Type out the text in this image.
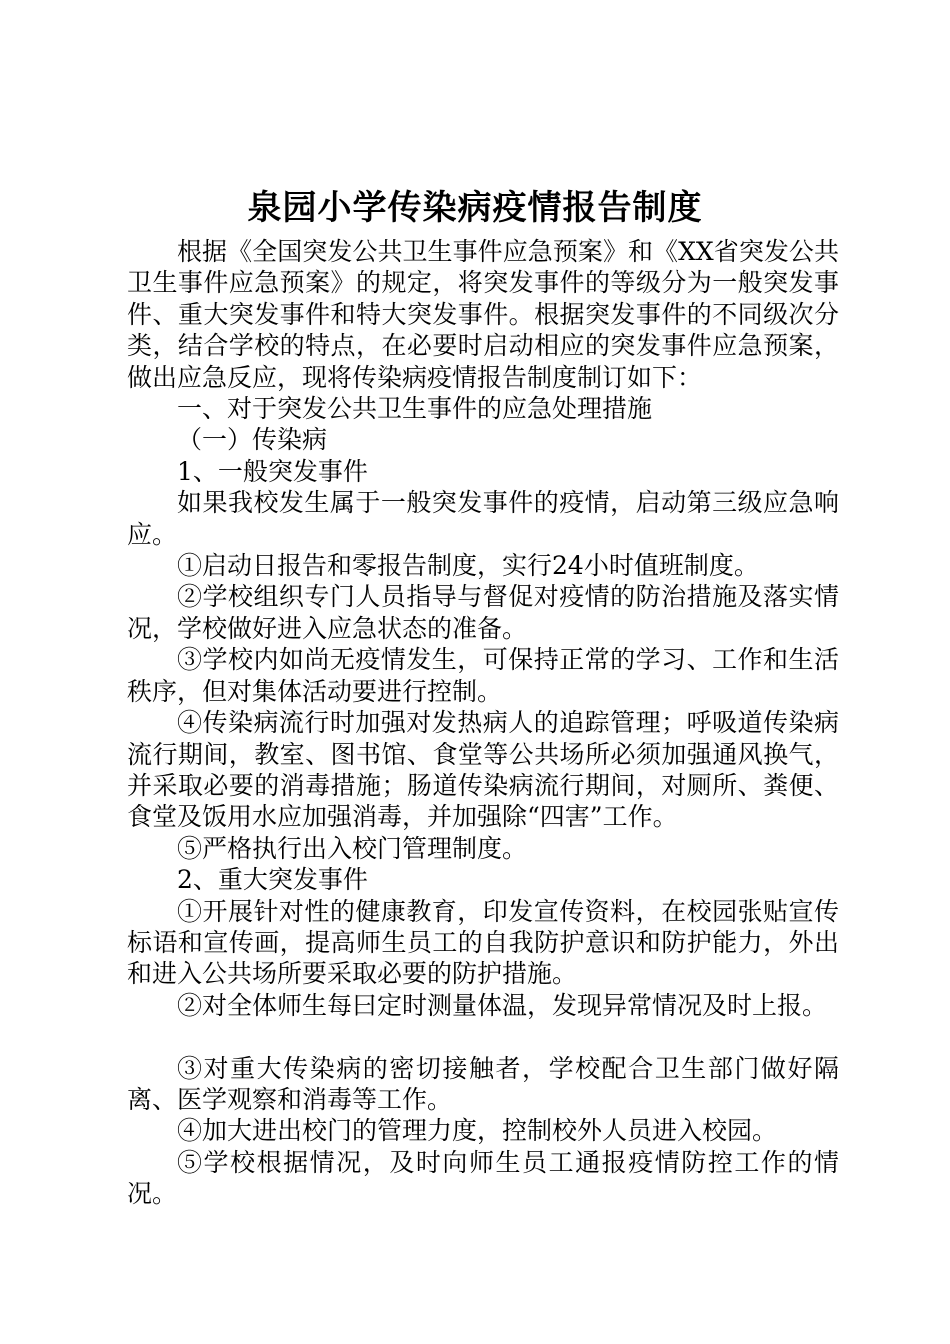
泉园小学传染病疫情报告制度

根据《全国突发公共卫生事件应急预案》和《XX省突发公共卫生事件应急预案》的规定，将突发事件的等级分为一般突发事件、重大突发事件和特大突发事件。根据突发事件的不同级次分类，结合学校的特点，在必要时启动相应的突发事件应急预案，做出应急反应，现将传染病疫情报告制度制订如下：

一、对于突发公共卫生事件的应急处理措施

（一）传染病

1、一般突发事件

如果我校发生属于一般突发事件的疫情，启动第三级应急响应。

①启动日报告和零报告制度，实行24小时值班制度。

②学校组织专门人员指导与督促对疫情的防治措施及落实情况，学校做好进入应急状态的准备。

③学校内如尚无疫情发生，可保持正常的学习、工作和生活秩序，但对集体活动要进行控制。

④传染病流行时加强对发热病人的追踪管理；呼吸道传染病流行期间，教室、图书馆、食堂等公共场所必须加强通风换气，并采取必要的消毒措施；肠道传染病流行期间，对厕所、粪便、食堂及饭用水应加强消毒，并加强除“四害”工作。

⑤严格执行出入校门管理制度。

2、重大突发事件

①开展针对性的健康教育，印发宣传资料，在校园张贴宣传标语和宣传画，提高师生员工的自我防护意识和防护能力，外出和进入公共场所要采取必要的防护措施。

②对全体师生每曰定时测量体温，发现异常情况及时上报。

③对重大传染病的密切接触者，学校配合卫生部门做好隔离、医学观察和消毒等工作。

④加大进出校门的管理力度，控制校外人员进入校园。

⑤学校根据情况，及时向师生员工通报疫情防控工作的情况。
